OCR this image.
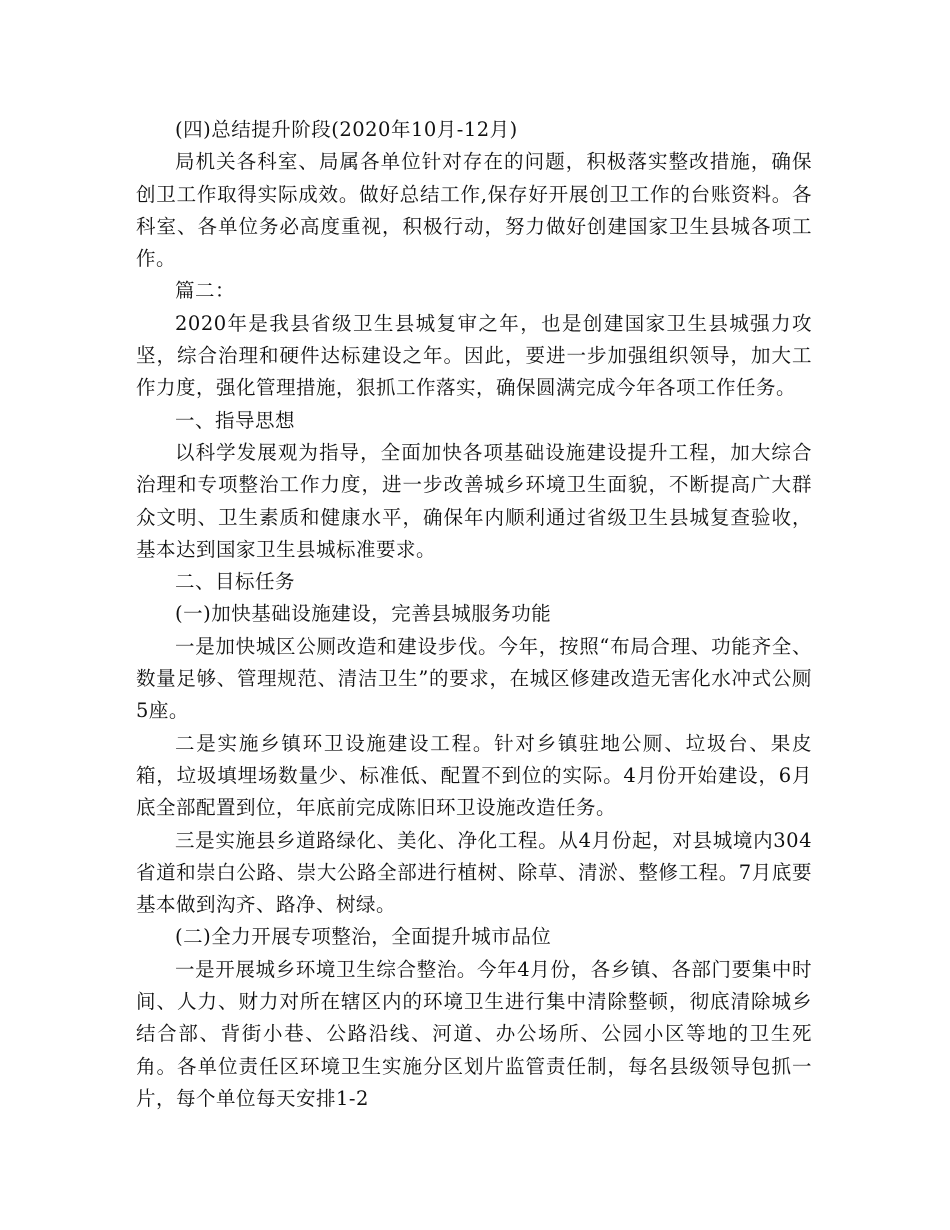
(四)总结提升阶段(2020年10月-12月)

局机关各科室、局属各单位针对存在的问题，积极落实整改措施，确保创卫工作取得实际成效。做好总结工作,保存好开展创卫工作的台账资料。各科室、各单位务必高度重视，积极行动，努力做好创建国家卫生县城各项工作。

篇二：

2020年是我县省级卫生县城复审之年，也是创建国家卫生县城强力攻坚，综合治理和硬件达标建设之年。因此，要进一步加强组织领导，加大工作力度，强化管理措施，狠抓工作落实，确保圆满完成今年各项工作任务。

一、指导思想

以科学发展观为指导，全面加快各项基础设施建设提升工程，加大综合治理和专项整治工作力度，进一步改善城乡环境卫生面貌，不断提高广大群众文明、卫生素质和健康水平，确保年内顺利通过省级卫生县城复查验收，基本达到国家卫生县城标准要求。

二、目标任务

(一)加快基础设施建设，完善县城服务功能

一是加快城区公厕改造和建设步伐。今年，按照“布局合理、功能齐全、数量足够、管理规范、清洁卫生”的要求，在城区修建改造无害化水冲式公厕5座。

二是实施乡镇环卫设施建设工程。针对乡镇驻地公厕、垃圾台、果皮箱，垃圾填埋场数量少、标准低、配置不到位的实际。4月份开始建设，6月底全部配置到位，年底前完成陈旧环卫设施改造任务。

三是实施县乡道路绿化、美化、净化工程。从4月份起，对县城境内304省道和崇白公路、崇大公路全部进行植树、除草、清淤、整修工程。7月底要基本做到沟齐、路净、树绿。

(二)全力开展专项整治，全面提升城市品位

一是开展城乡环境卫生综合整治。今年4月份，各乡镇、各部门要集中时间、人力、财力对所在辖区内的环境卫生进行集中清除整顿，彻底清除城乡结合部、背街小巷、公路沿线、河道、办公场所、公园小区等地的卫生死角。各单位责任区环境卫生实施分区划片监管责任制，每名县级领导包抓一片，每个单位每天安排1-2
